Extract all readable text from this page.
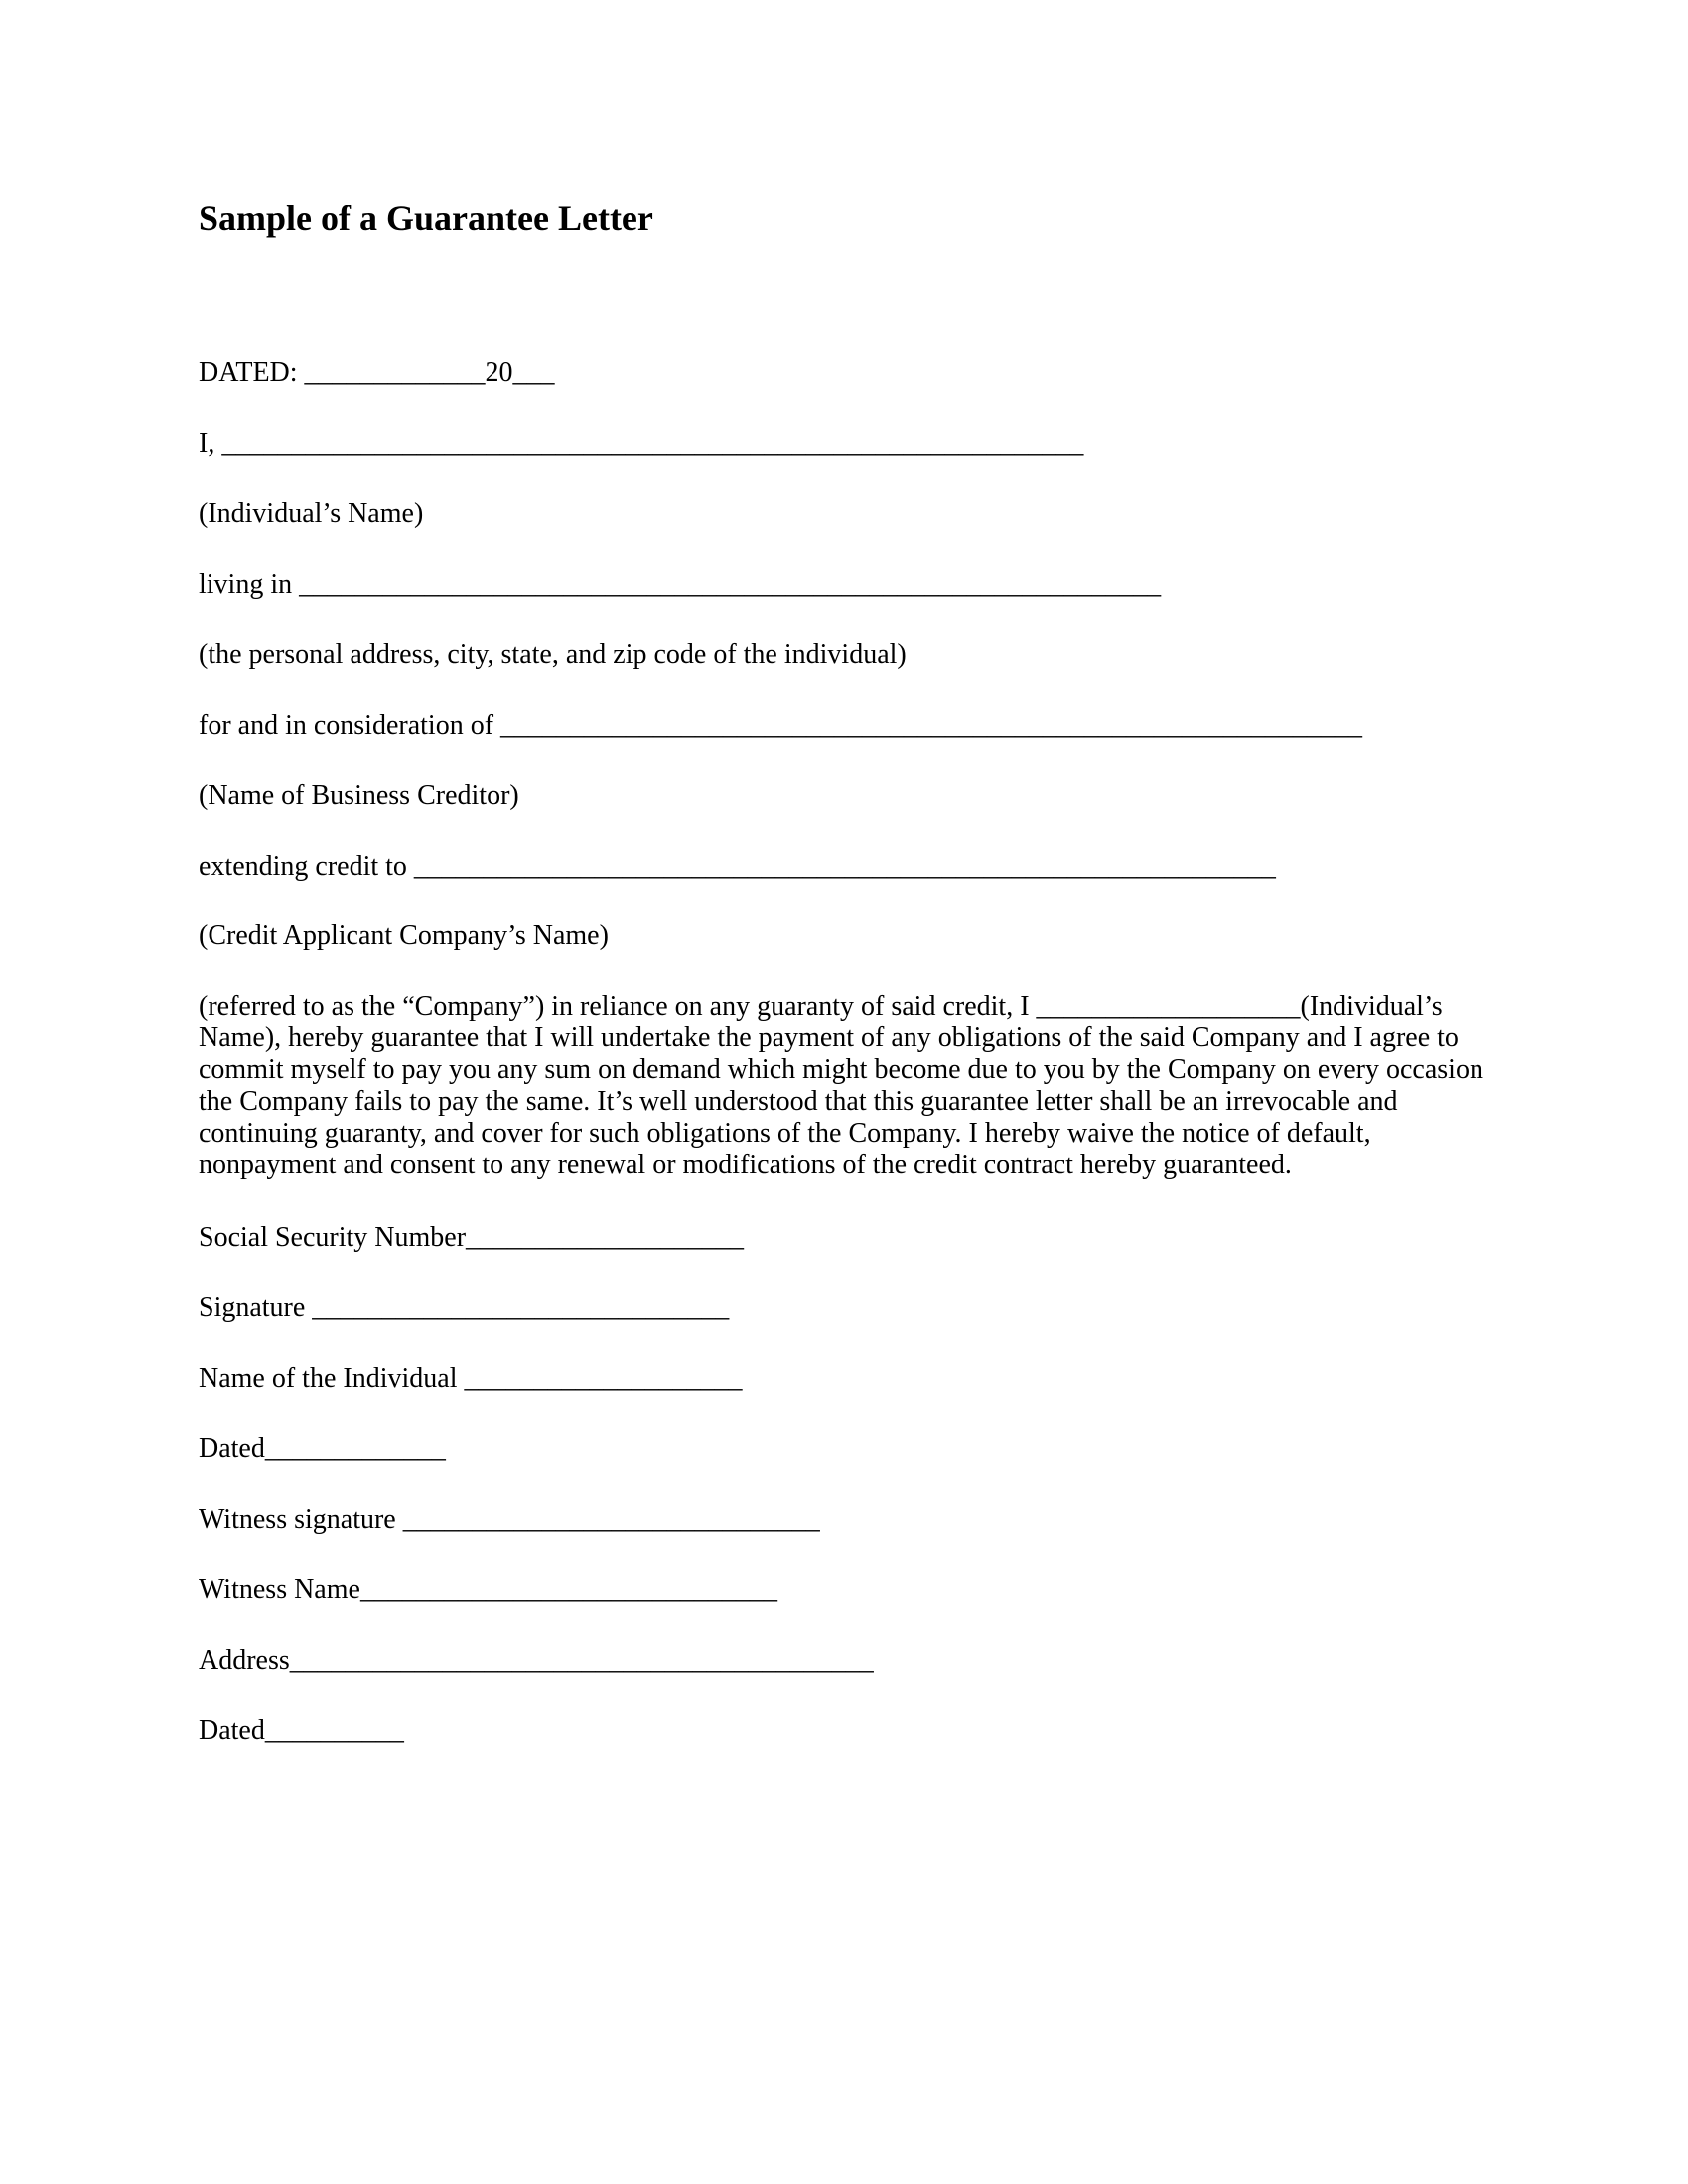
Sample of a Guarantee Letter

DATED: _____________20___

I, ______________________________________________________________

(Individual’s Name)

living in ______________________________________________________________

(the personal address, city, state, and zip code of the individual)

for and in consideration of ______________________________________________________________

(Name of Business Creditor)

extending credit to ______________________________________________________________

(Credit Applicant Company’s Name)

(referred to as the “Company”) in reliance on any guaranty of said credit, I ___________________(Individual’s Name), hereby guarantee that I will undertake the payment of any obligations of the said Company and I agree to commit myself to pay you any sum on demand which might become due to you by the Company on every occasion the Company fails to pay the same. It’s well understood that this guarantee letter shall be an irrevocable and continuing guaranty, and cover for such obligations of the Company. I hereby waive the notice of default, nonpayment and consent to any renewal or modifications of the credit contract hereby guaranteed.

Social Security Number____________________

Signature ______________________________

Name of the Individual ____________________

Dated_____________

Witness signature ______________________________

Witness Name______________________________

Address__________________________________________

Dated__________
